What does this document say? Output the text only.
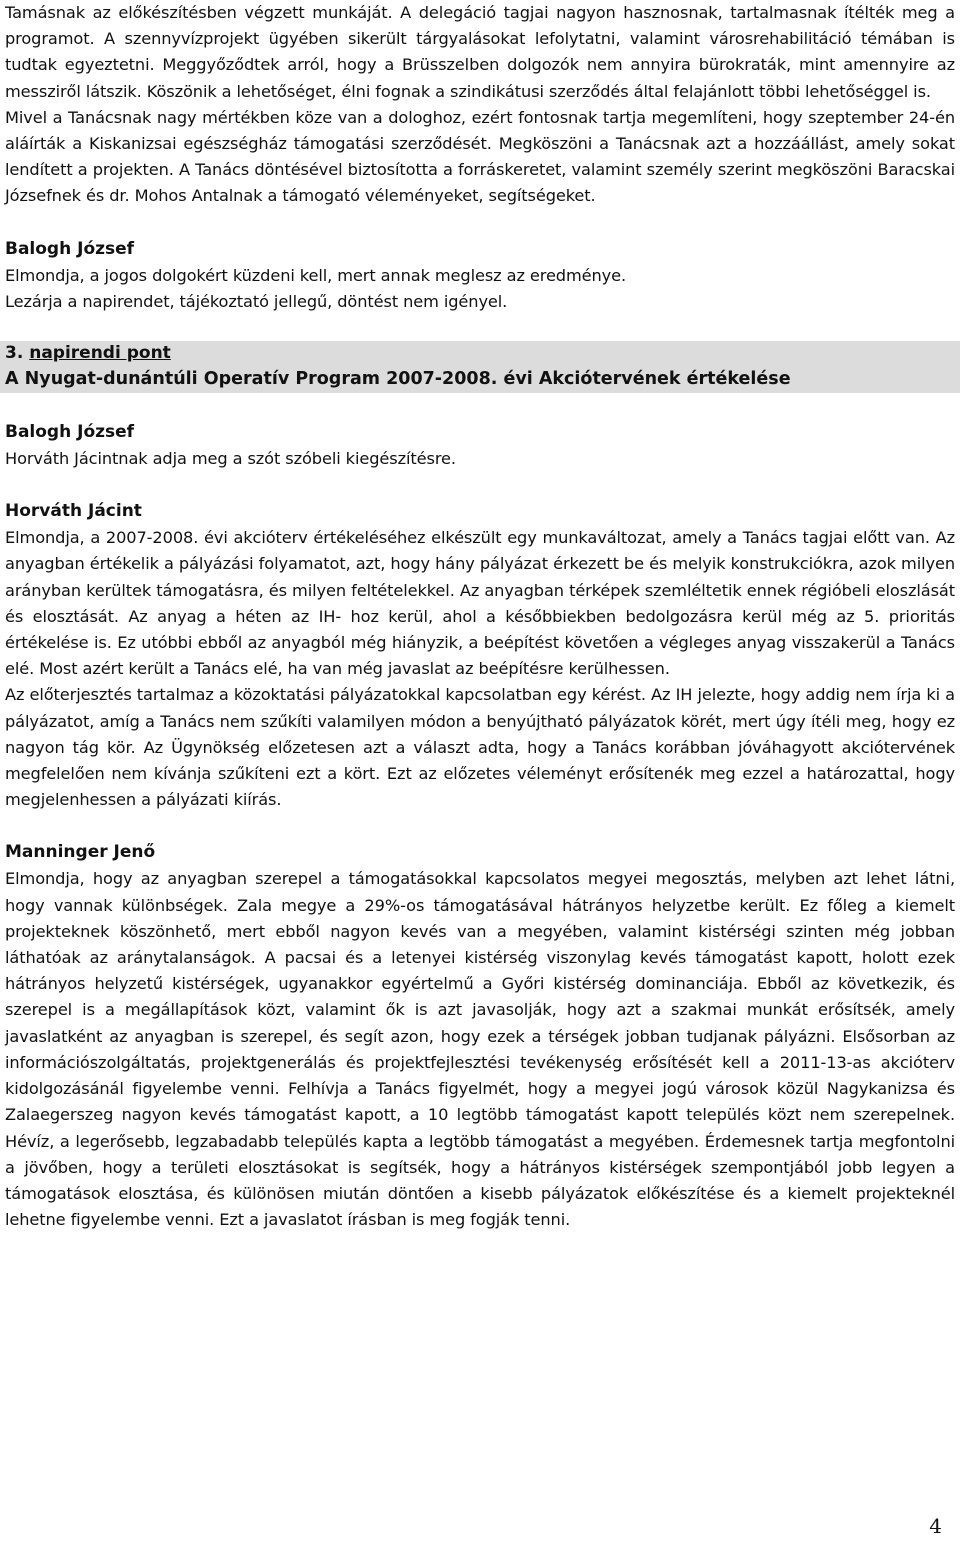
Tamásnak az előkészítésben végzett munkáját. A delegáció tagjai nagyon hasznosnak, tartalmasnak ítélték meg a programot. A szennyvízprojekt ügyében sikerült tárgyalásokat lefolytatni, valamint városrehabilitáció témában is tudtak egyeztetni. Meggyőződtek arról, hogy a Brüsszelben dolgozók nem annyira bürokraták, mint amennyire az messziről látszik. Köszönik a lehetőséget, élni fognak a szindikátusi szerződés által felajánlott többi lehetőséggel is.

Mivel a Tanácsnak nagy mértékben köze van a dologhoz, ezért fontosnak tartja megemlíteni, hogy szeptember 24-én aláírták a Kiskanizsai egészségház támogatási szerződését. Megköszöni a Tanácsnak azt a hozzáállást, amely sokat lendített a projekten. A Tanács döntésével biztosította a forráskeretet, valamint személy szerint megköszöni Baracskai Józsefnek és dr. Mohos Antalnak a támogató véleményeket, segítségeket.

Balogh József

Elmondja, a jogos dolgokért küzdeni kell, mert annak meglesz az eredménye.

Lezárja a napirendet, tájékoztató jellegű, döntést nem igényel.

3. napirendi pont

A Nyugat-dunántúli Operatív Program 2007-2008. évi Akciótervének értékelése

Balogh József

Horváth Jácintnak adja meg a szót szóbeli kiegészítésre.

Horváth Jácint

Elmondja, a 2007-2008. évi akcióterv értékeléséhez elkészült egy munkaváltozat, amely a Tanács tagjai előtt van. Az anyagban értékelik a pályázási folyamatot, azt, hogy hány pályázat érkezett be és melyik konstrukciókra, azok milyen arányban kerültek támogatásra, és milyen feltételekkel. Az anyagban térképek szemléltetik ennek régióbeli eloszlását és elosztását. Az anyag a héten az IH- hoz kerül, ahol a későbbiekben bedolgozásra kerül még az 5. prioritás értékelése is. Ez utóbbi ebből az anyagból még hiányzik, a beépítést követően a végleges anyag visszakerül a Tanács elé. Most azért került a Tanács elé, ha van még javaslat az beépítésre kerülhessen.

Az előterjesztés tartalmaz a közoktatási pályázatokkal kapcsolatban egy kérést. Az IH jelezte, hogy addig nem írja ki a pályázatot, amíg a Tanács nem szűkíti valamilyen módon a benyújtható pályázatok körét, mert úgy ítéli meg, hogy ez nagyon tág kör. Az Ügynökség előzetesen azt a választ adta, hogy a Tanács korábban jóváhagyott akciótervének megfelelően nem kívánja szűkíteni ezt a kört. Ezt az előzetes véleményt erősítenék meg ezzel a határozattal, hogy megjelenhessen a pályázati kiírás.

Manninger Jenő

Elmondja, hogy az anyagban szerepel a támogatásokkal kapcsolatos megyei megosztás, melyben azt lehet látni, hogy vannak különbségek. Zala megye a 29%-os támogatásával hátrányos helyzetbe került. Ez főleg a kiemelt projekteknek köszönhető, mert ebből nagyon kevés van a megyében, valamint kistérségi szinten még jobban láthatóak az aránytalanságok. A pacsai és a letenyei kistérség viszonylag kevés támogatást kapott, holott ezek hátrányos helyzetű kistérségek, ugyanakkor egyértelmű a Győri kistérség dominanciája. Ebből az következik, és szerepel is a megállapítások közt, valamint ők is azt javasolják, hogy azt a szakmai munkát erősítsék, amely javaslatként az anyagban is szerepel, és segít azon, hogy ezek a térségek jobban tudjanak pályázni. Elsősorban az információszolgáltatás, projektgenerálás és projektfejlesztési tevékenység erősítését kell a 2011-13-as akcióterv kidolgozásánál figyelembe venni. Felhívja a Tanács figyelmét, hogy a megyei jogú városok közül Nagykanizsa és Zalaegerszeg nagyon kevés támogatást kapott, a 10 legtöbb támogatást kapott település közt nem szerepelnek. Hévíz, a legerősebb, legzabadabb település kapta a legtöbb támogatást a megyében. Érdemesnek tartja megfontolni a jövőben, hogy a területi elosztásokat is segítsék, hogy a hátrányos kistérségek szempontjából jobb legyen a támogatások elosztása, és különösen miután döntően a kisebb pályázatok előkészítése és a kiemelt projekteknél lehetne figyelembe venni. Ezt a javaslatot írásban is meg fogják tenni.

4
